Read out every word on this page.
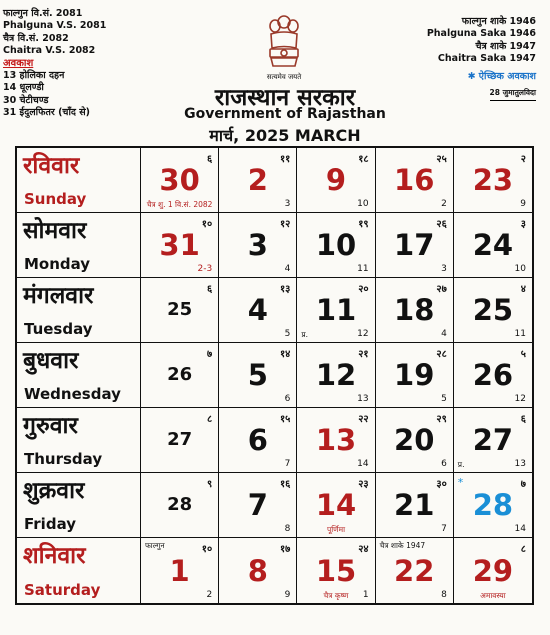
फाल्गुन वि.सं. 2081
Phalguna V.S. 2081
चैत्र वि.सं. 2082
Chaitra V.S. 2082
अवकाश
13 होलिका दहन
14 धूलण्डी
30 चेटीचण्ड
31 ईदुलफितर (चाँद से)
सत्यमेव जयते
फाल्गुन शाके 1946
Phalguna Saka 1946
चैत्र शाके 1947
Chaitra Saka 1947
✱ ऐच्छिक अवकाश
28 जुमातुलविदा
राजस्थान सरकार
Government of Rajasthan
मार्च, 2025 MARCH
रविवार
Sunday
30
६
चैत्र शु. 1 वि.सं. 2082
2
११
3
9
१८
10
16
२५
2
23
२
9
सोमवार
Monday
31
१०
2-3
3
१२
4
10
१९
11
17
२६
3
24
३
10
मंगलवार
Tuesday
25
६
4
१३
5
11
२०
12
प्र.
18
२७
4
25
४
11
बुधवार
Wednesday
26
७
5
१४
6
12
२१
13
19
२८
5
26
५
12
गुरुवार
Thursday
27
८
6
१५
7
13
२२
14
20
२९
6
27
६
13
प्र.
शुक्रवार
Friday
28
९
7
१६
8
14
२३
पूर्णिमा
21
३०
7
28
७
14
*
शनिवार
Saturday
1
१०
2
फाल्गुन
8
१७
9
15
२४
1
चैत्र कृष्ण
22
8
चैत्र शाके 1947
29
८
अमावस्या
